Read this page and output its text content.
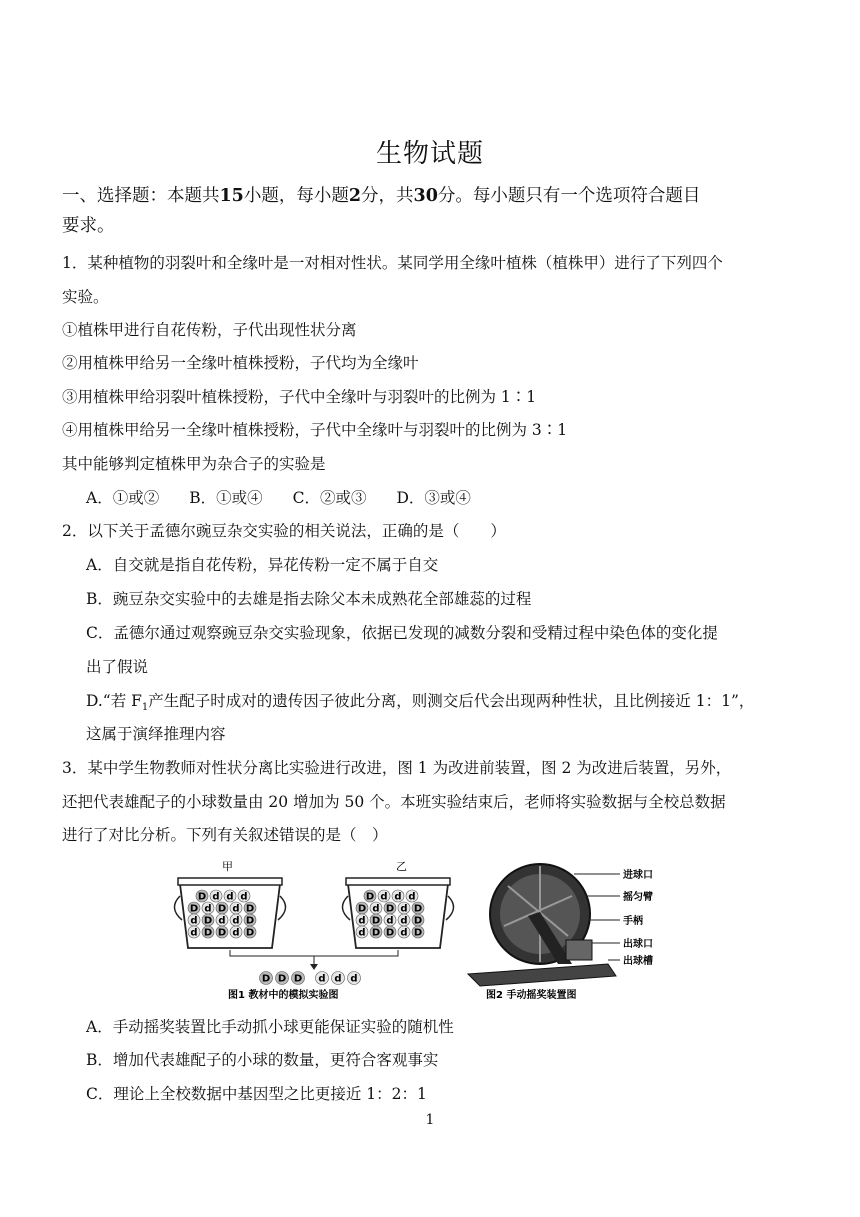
生物试题
一、选择题：本题共15小题，每小题2分，共30分。每小题只有一个选项符合题目
要求。
1．某种植物的羽裂叶和全缘叶是一对相对性状。某同学用全缘叶植株（植株甲）进行了下列四个
实验。
①植株甲进行自花传粉，子代出现性状分离
②用植株甲给另一全缘叶植株授粉，子代均为全缘叶
③用植株甲给羽裂叶植株授粉，子代中全缘叶与羽裂叶的比例为 1∶1
④用植株甲给另一全缘叶植株授粉，子代中全缘叶与羽裂叶的比例为 3∶1
其中能够判定植株甲为杂合子的实验是
A．①或② B．①或④ C．②或③ D．③或④
2．以下关于孟德尔豌豆杂交实验的相关说法，正确的是（　　）
A．自交就是指自花传粉，异花传粉一定不属于自交
B．豌豆杂交实验中的去雄是指去除父本未成熟花全部雄蕊的过程
C．孟德尔通过观察豌豆杂交实验现象，依据已发现的减数分裂和受精过程中染色体的变化提
出了假说
D.“若 $F_1$产生配子时成对的遗传因子彼此分离，则测交后代会出现两种性状，且比例接近 1：1”，
这属于演绎推理内容
3．某中学生物教师对性状分离比实验进行改进，图 1 为改进前装置，图 2 为改进后装置，另外，
还把代表雄配子的小球数量由 20 增加为 50 个。本班实验结束后，老师将实验数据与全校总数据
进行了对比分析。下列有关叙述错误的是（　）
甲
D d d d
D d D d D
d D d d D
d D D d D
乙
D d d d
D d D d D
d D d d D
d D D d D
D D D d d d
图1 教材中的模拟实验图
进球口
摇匀臂
手柄
出球口
出球槽
图2 手动摇奖装置图
A．手动摇奖装置比手动抓小球更能保证实验的随机性
B．增加代表雄配子的小球的数量，更符合客观事实
C．理论上全校数据中基因型之比更接近 1：2：1
1
